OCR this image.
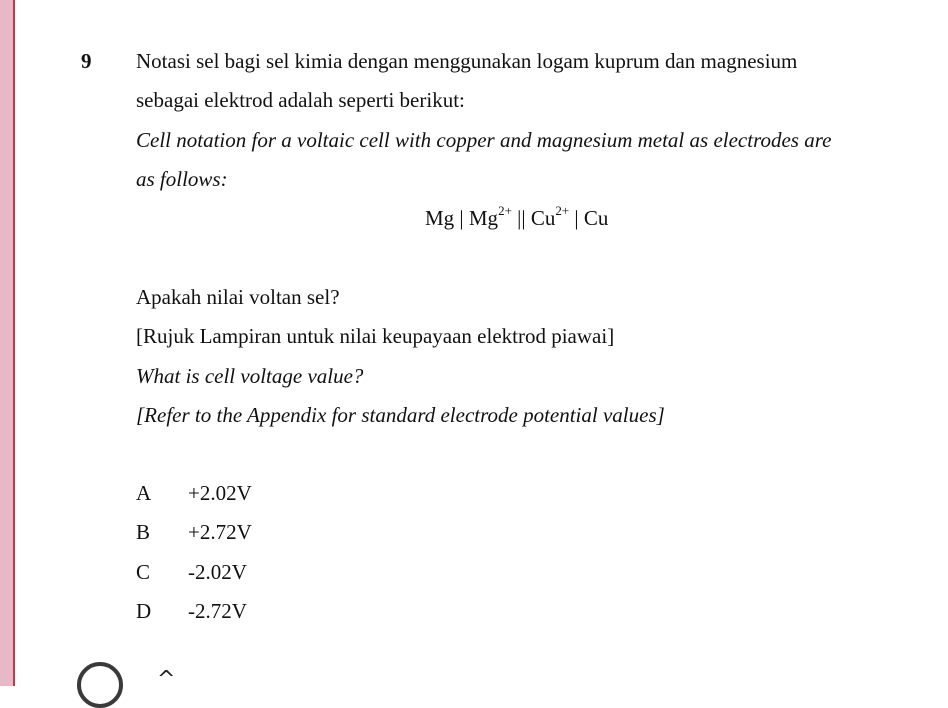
9 Notasi sel bagi sel kimia dengan menggunakan logam kuprum dan magnesium
sebagai elektrod adalah seperti berikut:
Cell notation for a voltaic cell with copper and magnesium metal as electrodes are
as follows:
Mg | $Mg^{2+}$ || $Cu^{2+}$ | Cu
Apakah nilai voltan sel?
[Rujuk Lampiran untuk nilai keupayaan elektrod piawai]
What is cell voltage value?
[Refer to the Appendix for standard electrode potential values]
A +2.02V
B +2.72V
C -2.02V
D -2.72V
^
